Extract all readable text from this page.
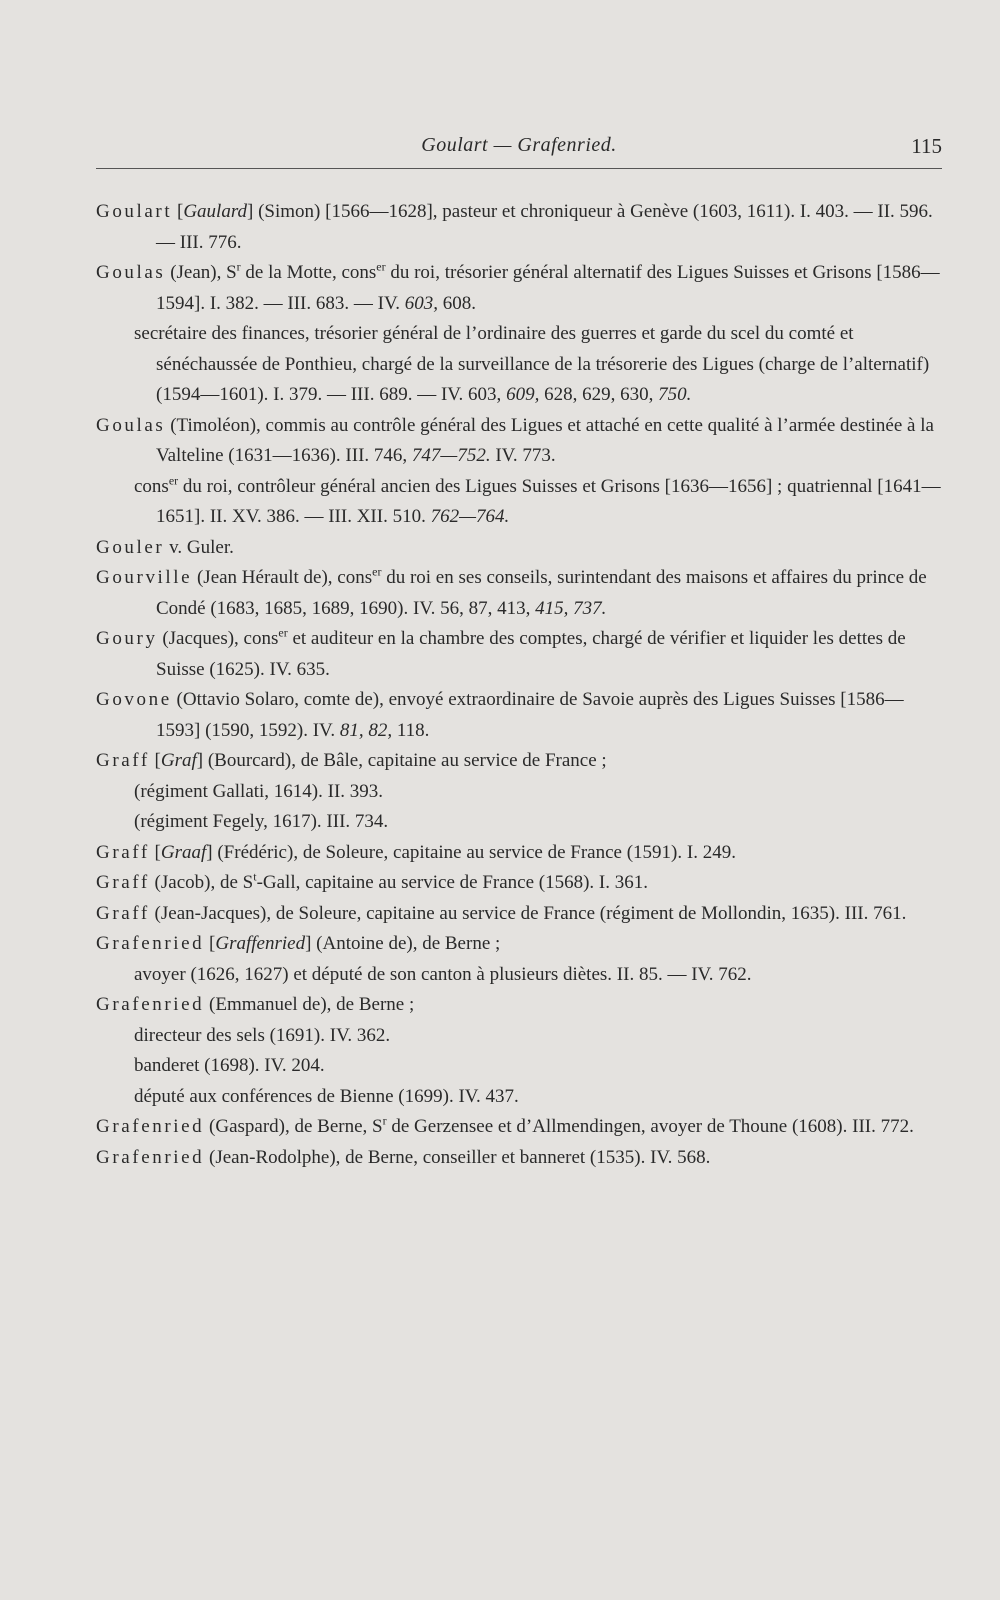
Goulart — Grafenried.	115

Goulart [Gaulard] (Simon) [1566—1628], pasteur et chroniqueur à Genève (1603, 1611). I. 403. — II. 596. — III. 776.

Goulas (Jean), $S^r$ de la Motte, cons$^{er}$ du roi, trésorier général alternatif des Ligues Suisses et Grisons [1586—1594]. I. 382. — III. 683. — IV. 603, 608.

secrétaire des finances, trésorier général de l’ordinaire des guerres et garde du scel du comté et sénéchaussée de Ponthieu, chargé de la surveillance de la trésorerie des Ligues (charge de l’alternatif) (1594—1601). I. 379. — III. 689. — IV. 603, 609, 628, 629, 630, 750.

Goulas (Timoléon), commis au contrôle général des Ligues et attaché en cette qualité à l’armée destinée à la Valteline (1631—1636). III. 746, 747—752. IV. 773.

cons$^{er}$ du roi, contrôleur général ancien des Ligues Suisses et Grisons [1636—1656] ; quatriennal [1641—1651]. II. XV. 386. — III. XII. 510. 762—764.

Gouler v. Guler.

Gourville (Jean Hérault de), cons$^{er}$ du roi en ses conseils, surintendant des maisons et affaires du prince de Condé (1683, 1685, 1689, 1690). IV. 56, 87, 413, 415, 737.

Goury (Jacques), cons$^{er}$ et auditeur en la chambre des comptes, chargé de vérifier et liquider les dettes de Suisse (1625). IV. 635.

Govone (Ottavio Solaro, comte de), envoyé extraordinaire de Savoie auprès des Ligues Suisses [1586—1593] (1590, 1592). IV. 81, 82, 118.

Graff [Graf] (Bourcard), de Bâle, capitaine au service de France ;

(régiment Gallati, 1614). II. 393.

(régiment Fegely, 1617). III. 734.

Graff [Graaf] (Frédéric), de Soleure, capitaine au service de France (1591). I. 249.

Graff (Jacob), de $S^t$-Gall, capitaine au service de France (1568). I. 361.

Graff (Jean-Jacques), de Soleure, capitaine au service de France (régiment de Mollondin, 1635). III. 761.

Grafenried [Graffenried] (Antoine de), de Berne ;

avoyer (1626, 1627) et député de son canton à plusieurs diètes. II. 85. — IV. 762.

Grafenried (Emmanuel de), de Berne ;

directeur des sels (1691). IV. 362.

banderet (1698). IV. 204.

député aux conférences de Bienne (1699). IV. 437.

Grafenried (Gaspard), de Berne, $S^r$ de Gerzensee et d’Allmendingen, avoyer de Thoune (1608). III. 772.

Grafenried (Jean-Rodolphe), de Berne, conseiller et banneret (1535). IV. 568.
